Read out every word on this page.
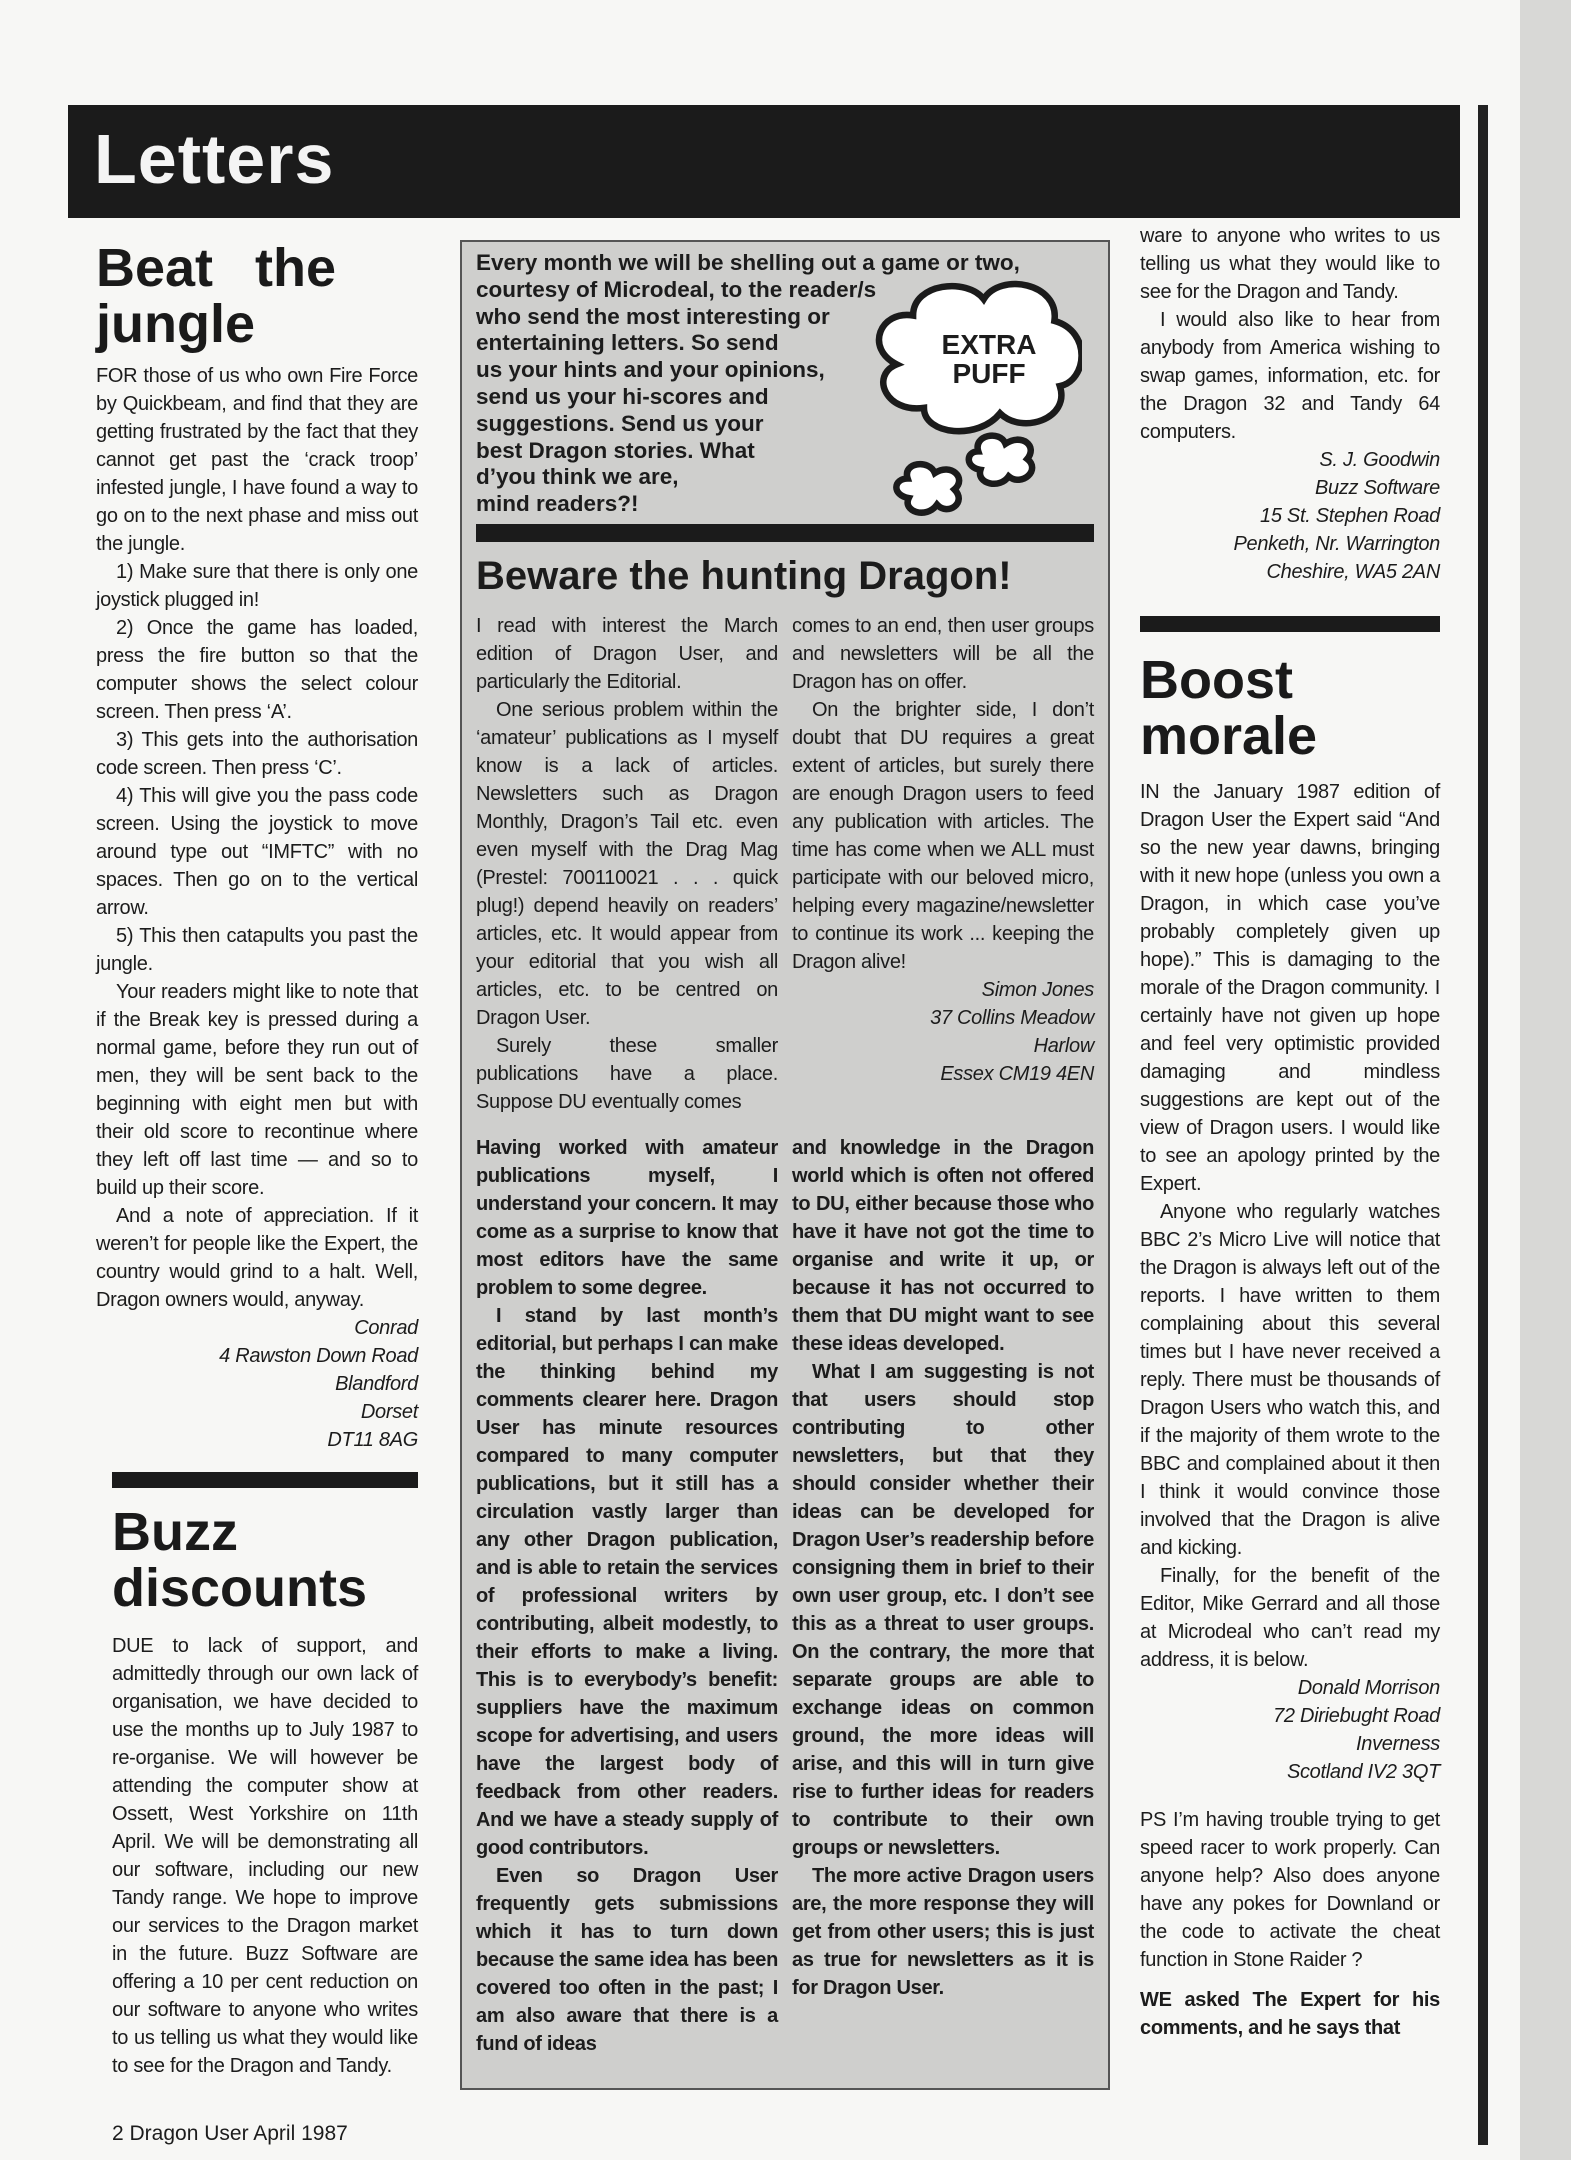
Letters
Beat the jungle

FOR those of us who own Fire Force by Quickbeam, and find that they are getting frustrated by the fact that they cannot get past the ‘crack troop’ infested jungle, I have found a way to go on to the next phase and miss out the jungle.

1) Make sure that there is only one joystick plugged in!

2) Once the game has loaded, press the fire button so that the computer shows the select colour screen. Then press ‘A’.

3) This gets into the authorisation code screen. Then press ‘C’.

4) This will give you the pass code screen. Using the joystick to move around type out “IMFTC” with no spaces. Then go on to the vertical arrow.

5) This then catapults you past the jungle.

Your readers might like to note that if the Break key is pressed during a normal game, before they run out of men, they will be sent back to the beginning with eight men but with their old score to recontinue where they left off last time — and so to build up their score.

And a note of appreciation. If it weren’t for people like the Expert, the country would grind to a halt. Well, Dragon owners would, anyway.

Conrad

4 Rawston Down Road

Blandford

Dorset

DT11 8AG

Buzz discounts

DUE to lack of support, and admittedly through our own lack of organisation, we have decided to use the months up to July 1987 to re-organise. We will however be attending the computer show at Ossett, West Yorkshire on 11th April. We will be demonstrating all our software, including our new Tandy range. We hope to improve our services to the Dragon market in the future. Buzz Software are offering a 10 per cent reduction on our software to anyone who writes to us telling us what they would like to see for the Dragon and Tandy.

Every month we will be shelling out a game or two,
courtesy of Microdeal, to the reader/s
who send the most interesting or
entertaining letters. So send
us your hints and your opinions,
send us your hi-scores and
suggestions. Send us your
best Dragon stories. What
d’you think we are,
mind readers?!
EXTRA
PUFF
Beware the hunting Dragon!

I read with interest the March edition of Dragon User, and particularly the Editorial.

One serious problem within the ‘amateur’ publications as I myself know is a lack of articles. Newsletters such as Dragon Monthly, Dragon’s Tail etc. even even myself with the Drag Mag (Prestel: 700110021 . . . quick plug!) depend heavily on readers’ articles, etc. It would appear from your editorial that you wish all articles, etc. to be centred on Dragon User.

Surely these smaller publications have a place. Suppose DU eventually comes

comes to an end, then user groups and newsletters will be all the Dragon has on offer.

On the brighter side, I don’t doubt that DU requires a great extent of articles, but surely there are enough Dragon users to feed any publication with articles. The time has come when we ALL must participate with our beloved micro, helping every magazine/newsletter to continue its work ... keeping the Dragon alive!

Simon Jones

37 Collins Meadow

Harlow

Essex CM19 4EN

Having worked with amateur publications myself, I understand your concern. It may come as a surprise to know that most editors have the same problem to some degree.

I stand by last month’s editorial, but perhaps I can make the thinking behind my comments clearer here. Dragon User has minute resources compared to many computer publications, but it still has a circulation vastly larger than any other Dragon publication, and is able to retain the services of professional writers by contributing, albeit modestly, to their efforts to make a living. This is to everybody’s benefit: suppliers have the maximum scope for advertising, and users have the largest body of feedback from other readers. And we have a steady supply of good contributors.

Even so Dragon User frequently gets submissions which it has to turn down because the same idea has been covered too often in the past; I am also aware that there is a fund of ideas

and knowledge in the Dragon world which is often not offered to DU, either because those who have it have not got the time to organise and write it up, or because it has not occurred to them that DU might want to see these ideas developed.

What I am suggesting is not that users should stop contributing to other newsletters, but that they should consider whether their ideas can be developed for Dragon User’s readership before consigning them in brief to their own user group, etc. I don’t see this as a threat to user groups. On the contrary, the more that separate groups are able to exchange ideas on common ground, the more ideas will arise, and this will in turn give rise to further ideas for readers to contribute to their own groups or newsletters.

The more active Dragon users are, the more response they will get from other users; this is just as true for newsletters as it is for Dragon User.

ware to anyone who writes to us telling us what they would like to see for the Dragon and Tandy.

I would also like to hear from anybody from America wishing to swap games, information, etc. for the Dragon 32 and Tandy 64 computers.

S. J. Goodwin

Buzz Software

15 St. Stephen Road

Penketh, Nr. Warrington

Cheshire, WA5 2AN

Boost morale

IN the January 1987 edition of Dragon User the Expert said “And so the new year dawns, bringing with it new hope (unless you own a Dragon, in which case you’ve probably completely given up hope).” This is damaging to the morale of the Dragon community. I certainly have not given up hope and feel very optimistic provided damaging and mindless suggestions are kept out of the view of Dragon users. I would like to see an apology printed by the Expert.

Anyone who regularly watches BBC 2’s Micro Live will notice that the Dragon is always left out of the reports. I have written to them complaining about this several times but I have never received a reply. There must be thousands of Dragon Users who watch this, and if the majority of them wrote to the BBC and complained about it then I think it would convince those involved that the Dragon is alive and kicking.

Finally, for the benefit of the Editor, Mike Gerrard and all those at Microdeal who can’t read my address, it is below.

Donald Morrison

72 Diriebught Road

Inverness

Scotland IV2 3QT

PS I’m having trouble trying to get speed racer to work properly. Can anyone help? Also does anyone have any pokes for Downland or the code to activate the cheat function in Stone Raider ?

WE asked The Expert for his comments, and he says that

2 Dragon User April 1987
